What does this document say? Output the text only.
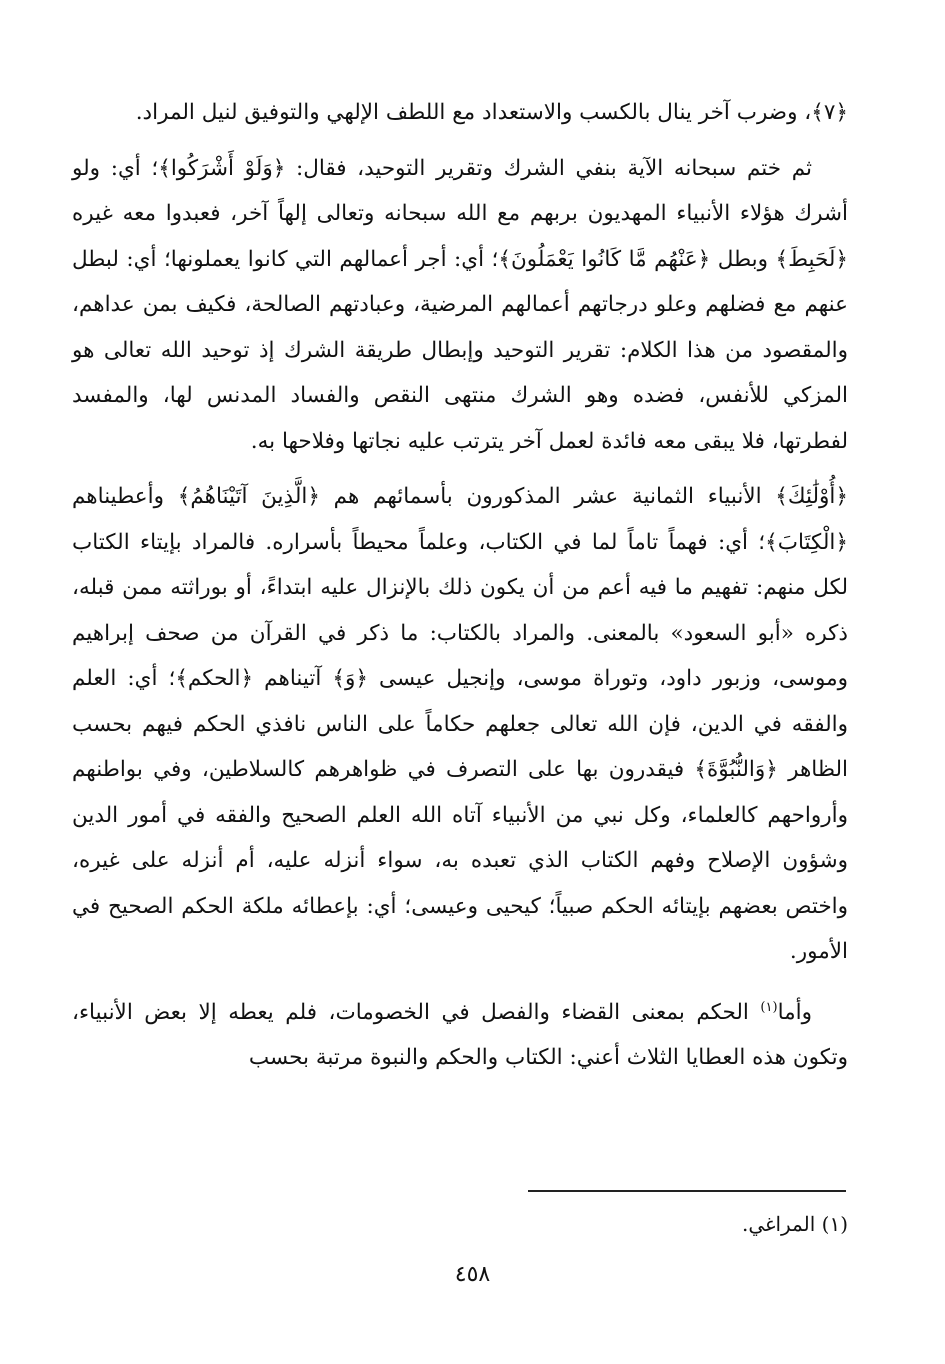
﴿٧﴾، وضرب آخر ينال بالكسب والاستعداد مع اللطف الإلهي والتوفيق لنيل المراد.

ثم ختم سبحانه الآية بنفي الشرك وتقرير التوحيد، فقال: ﴿وَلَوْ أَشْرَكُوا﴾؛ أي: ولو أشرك هؤلاء الأنبياء المهديون بربهم مع الله سبحانه وتعالى إلهاً آخر، فعبدوا معه غيره ﴿لَحَبِطَ﴾ وبطل ﴿عَنْهُم مَّا كَانُوا يَعْمَلُونَ﴾؛ أي: أجر أعمالهم التي كانوا يعملونها؛ أي: لبطل عنهم مع فضلهم وعلو درجاتهم أعمالهم المرضية، وعبادتهم الصالحة، فكيف بمن عداهم، والمقصود من هذا الكلام: تقرير التوحيد وإبطال طريقة الشرك إذ توحيد الله تعالى هو المزكي للأنفس، فضده وهو الشرك منتهى النقص والفساد المدنس لها، والمفسد لفطرتها، فلا يبقى معه فائدة لعمل آخر يترتب عليه نجاتها وفلاحها به.

﴿أُوْلَٰئِكَ﴾ الأنبياء الثمانية عشر المذكورون بأسمائهم هم ﴿الَّذِينَ آتَيْنَاهُمُ﴾ وأعطيناهم ﴿الْكِتَابَ﴾؛ أي: فهماً تاماً لما في الكتاب، وعلماً محيطاً بأسراره. فالمراد بإيتاء الكتاب لكل منهم: تفهيم ما فيه أعم من أن يكون ذلك بالإنزال عليه ابتداءً، أو بوراثته ممن قبله، ذكره «أبو السعود» بالمعنى. والمراد بالكتاب: ما ذكر في القرآن من صحف إبراهيم وموسى، وزبور داود، وتوراة موسى، وإنجيل عيسى ﴿وَ﴾ آتيناهم ﴿الحكم﴾؛ أي: العلم والفقه في الدين، فإن الله تعالى جعلهم حكاماً على الناس نافذي الحكم فيهم بحسب الظاهر ﴿وَالنُّبُوَّةَ﴾ فيقدرون بها على التصرف في ظواهرهم كالسلاطين، وفي بواطنهم وأرواحهم كالعلماء، وكل نبي من الأنبياء آتاه الله العلم الصحيح والفقه في أمور الدين وشؤون الإصلاح وفهم الكتاب الذي تعبده به، سواء أنزله عليه، أم أنزله على غيره، واختص بعضهم بإيتائه الحكم صبياً؛ كيحيى وعيسى؛ أي: بإعطائه ملكة الحكم الصحيح في الأمور.

وأما$^{(١)}$ الحكم بمعنى القضاء والفصل في الخصومات، فلم يعطه إلا بعض الأنبياء، وتكون هذه العطايا الثلاث أعني: الكتاب والحكم والنبوة مرتبة بحسب

(١) المراغي.
٤٥٨
